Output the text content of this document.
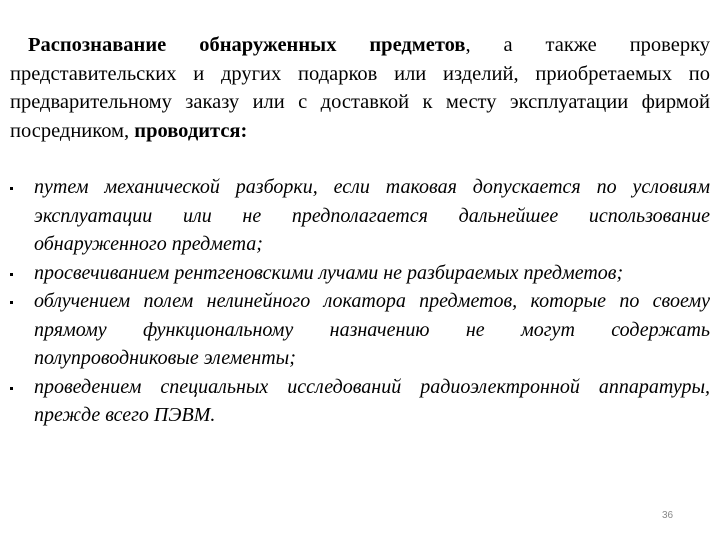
Распознавание обнаруженных предметов, а также проверку представительских и других подарков или изделий, приобретаемых по предварительному заказу или с доставкой к месту эксплуатации фирмой посредником, проводится:

путем механической разборки, если таковая допускается по условиям эксплуатации или не предполагается дальнейшее использование обнаруженного предмета;
просвечиванием рентгеновскими лучами не разбираемых предметов;
облучением полем нелинейного локатора предметов, которые по своему прямому функциональному назначению не могут содержать полупроводниковые элементы;
проведением специальных исследований радиоэлектронной аппаратуры, прежде всего ПЭВМ.
36
